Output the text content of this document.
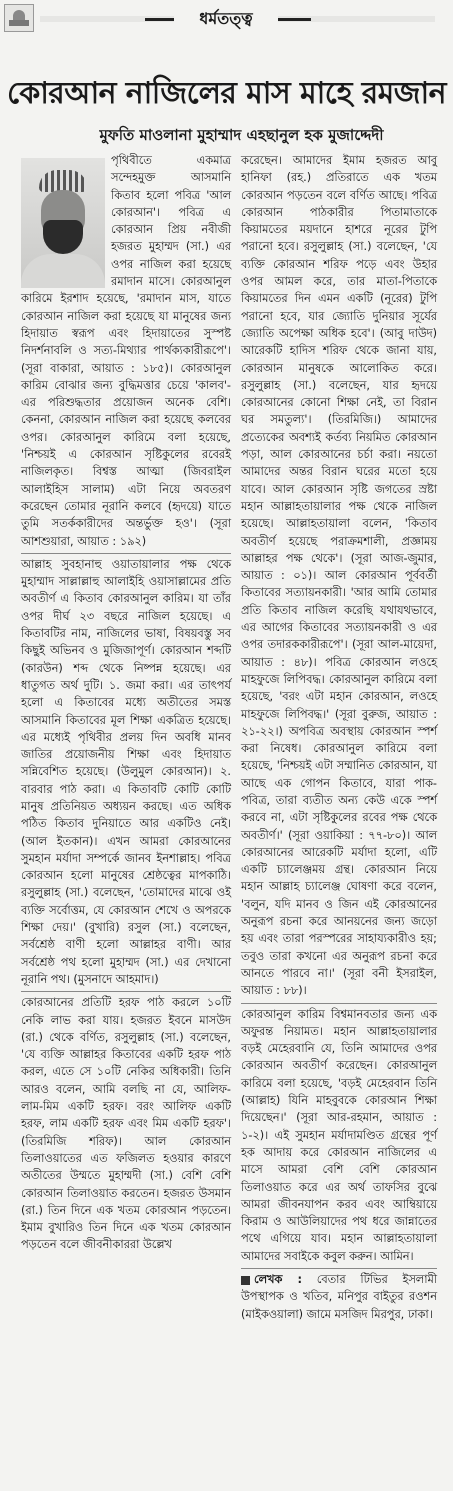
ধর্মতত্ত্ব
কোরআন নাজিলের মাস মাহে রমজান
মুফতি মাওলানা মুহাম্মাদ এহছানুল হক মুজাদ্দেদী

পৃথিবীতে একমাত্র সন্দেহমুক্ত আসমানি কিতাব হলো পবিত্র 'আল কোরআন'। পবিত্র এ কোরআন প্রিয় নবীজী হজরত মুহাম্মদ (সা.) এর ওপর নাজিল করা হয়েছে রমাদান মাসে। কোরআনুল কারিমে ইরশাদ হয়েছে, 'রমাদান মাস, যাতে কোরআন নাজিল করা হয়েছে যা মানুষের জন্য হিদায়াত স্বরূপ এবং হিদায়াতের সুস্পষ্ট নিদর্শনাবলি ও সত্য-মিথ্যার পার্থক্যকারীরূপে'। (সূরা বাকারা, আয়াত : ১৮৫)। কোরআনুল কারিম বোঝার জন্য বুদ্ধিমত্তার চেয়ে 'কালব'-এর পরিশুদ্ধতার প্রয়োজন অনেক বেশি। কেননা, কোরআন নাজিল করা হয়েছে কলবের ওপর। কোরআনুল কারিমে বলা হয়েছে, 'নিশ্চয়ই এ কোরআন সৃষ্টিকুলের রবেরই নাজিলকৃত। বিশ্বস্ত আত্মা (জিবরাইল আলাইহিস সালাম) এটা নিয়ে অবতরণ করেছেন তোমার নূরানি কলবে (হৃদয়ে) যাতে তুমি সতর্ককারীদের অন্তর্ভুক্ত হও'। (সূরা আশশুয়ারা, আয়াত : ১৯২)

আল্লাহ সুবহানাহু ওয়াতায়ালার পক্ষ থেকে মুহাম্মাদ সাল্লাল্লাহু আলাইহি ওয়াসাল্লামের প্রতি অবতীর্ণ এ কিতাব কোরআনুল কারিম। যা তাঁর ওপর দীর্ঘ ২৩ বছরে নাজিল হয়েছে। এ কিতাবটির নাম, নাজিলের ভাষা, বিষয়বস্তু সব কিছুই অভিনব ও মুজিজাপূর্ণ। কোরআন শব্দটি (কারউন) শব্দ থেকে নিষ্পন্ন হয়েছে। এর ধাতুগত অর্থ দুটি। ১. জমা করা। এর তাৎপর্য হলো এ কিতাবের মধ্যে অতীতের সমস্ত আসমানি কিতাবের মূল শিক্ষা একত্রিত হয়েছে। এর মধ্যেই পৃথিবীর প্রলয় দিন অবধি মানব জাতির প্রয়োজনীয় শিক্ষা এবং হিদায়াত সন্নিবেশিত হয়েছে। (উলুমুল কোরআন)। ২. বারবার পাঠ করা। এ কিতাবটি কোটি কোটি মানুষ প্রতিনিয়ত অধ্যয়ন করছে। এত অধিক পঠিত কিতাব দুনিয়াতে আর একটিও নেই। (আল ইতকান)। এখন আমরা কোরআনের সুমহান মর্যাদা সম্পর্কে জানব ইনশাল্লাহ। পবিত্র কোরআন হলো মানুষের শ্রেষ্ঠত্বের মাপকাঠি। রসুলুল্লাহ (সা.) বলেছেন, 'তোমাদের মাঝে ওই ব্যক্তি সর্বোত্তম, যে কোরআন শেখে ও অপরকে শিক্ষা দেয়।' (বুখারি) রসুল (সা.) বলেছেন, সর্বশ্রেষ্ঠ বাণী হলো আল্লাহর বাণী। আর সর্বশ্রেষ্ঠ পথ হলো মুহাম্মদ (সা.) এর দেখানো নূরানি পথ। (মুসনাদে আহমাদ।)

কোরআনের প্রতিটি হরফ পাঠ করলে ১০টি নেকি লাভ করা যায়। হজরত ইবনে মাসউদ (রা.) থেকে বর্ণিত, রসুলুল্লাহ (সা.) বলেছেন, 'যে ব্যক্তি আল্লাহর কিতাবের একটি হরফ পাঠ করল, এতে সে ১০টি নেকির অধিকারী। তিনি আরও বলেন, আমি বলছি না যে, আলিফ-লাম-মিম একটি হরফ। বরং আলিফ একটি হরফ, লাম একটি হরফ এবং মিম একটি হরফ'। (তিরমিজি শরিফ)। আল কোরআন তিলাওয়াতের এত ফজিলত হওয়ার কারণে অতীতের উম্মতে মুহাম্মদী (সা.) বেশি বেশি কোরআন তিলাওয়াত করতেন। হজরত উসমান (রা.) তিন দিনে এক খতম কোরআন পড়তেন। ইমাম বুখারিও তিন দিনে এক খতম কোরআন পড়তেন বলে জীবনীকাররা উল্লেখ

করেছেন। আমাদের ইমাম হজরত আবু হানিফা (রহ.) প্রতিরাতে এক খতম কোরআন পড়তেন বলে বর্ণিত আছে। পবিত্র কোরআন পাঠকারীর পিতামাতাকে কিয়ামতের ময়দানে হাশরে নূরের টুপি পরানো হবে। রসুলুল্লাহ (সা.) বলেছেন, 'যে ব্যক্তি কোরআন শরিফ পড়ে এবং উহার ওপর আমল করে, তার মাতা-পিতাকে কিয়ামতের দিন এমন একটি (নূরের) টুপি পরানো হবে, যার জ্যোতি দুনিয়ার সূর্যের জ্যোতি অপেক্ষা অধিক হবে'। (আবু দাউদ) আরেকটি হাদিস শরিফ থেকে জানা যায়, কোরআন মানুষকে আলোকিত করে। রসুলুল্লাহ (সা.) বলেছেন, যার হৃদয়ে কোরআনের কোনো শিক্ষা নেই, তা বিরান ঘর সমতুল্য'। (তিরমিজি।) আমাদের প্রত্যেকের অবশ্যই কর্তব্য নিয়মিত কোরআন পড়া, আল কোরআনের চর্চা করা। নয়তো আমাদের অন্তর বিরান ঘরের মতো হয়ে যাবে। আল কোরআন সৃষ্টি জগতের স্রষ্টা মহান আল্লাহতায়ালার পক্ষ থেকে নাজিল হয়েছে। আল্লাহতায়ালা বলেন, 'কিতাব অবতীর্ণ হয়েছে পরাক্রমশালী, প্রজ্ঞাময় আল্লাহর পক্ষ থেকে'। (সূরা আজ-জুমার, আয়াত : ০১)। আল কোরআন পূর্ববর্তী কিতাবের সত্যায়নকারী। 'আর আমি তোমার প্রতি কিতাব নাজিল করেছি যথাযথভাবে, এর আগের কিতাবের সত্যায়নকারী ও এর ওপর তদারককারীরূপে'। (সূরা আল-মায়েদা, আয়াত : ৪৮)। পবিত্র কোরআন লওহে মাহফুজে লিপিবদ্ধ। কোরআনুল কারিমে বলা হয়েছে, 'বরং এটা মহান কোরআন, লওহে মাহফুজে লিপিবদ্ধ।' (সূরা বুরুজ, আয়াত : ২১-২২।) অপবিত্র অবস্থায় কোরআন স্পর্শ করা নিষেধ। কোরআনুল কারিমে বলা হয়েছে, 'নিশ্চয়ই এটা সম্মানিত কোরআন, যা আছে এক গোপন কিতাবে, যারা পাক-পবিত্র, তারা ব্যতীত অন্য কেউ একে স্পর্শ করবে না, এটা সৃষ্টিকুলের রবের পক্ষ থেকে অবতীর্ণ।' (সূরা ওয়াকিয়া : ৭৭-৮০)। আল কোরআনের আরেকটি মর্যাদা হলো, এটি একটি চ্যালেঞ্জময় গ্রন্থ। কোরআন নিয়ে মহান আল্লাহ চ্যালেঞ্জ ঘোষণা করে বলেন, 'বলুন, যদি মানব ও জিন এই কোরআনের অনুরূপ রচনা করে আনয়নের জন্য জড়ো হয় এবং তারা পরস্পরের সাহায্যকারীও হয়; তবুও তারা কখনো এর অনুরূপ রচনা করে আনতে পারবে না।' (সূরা বনী ইসরাইল, আয়াত : ৮৮)।

কোরআনুল কারিম বিশ্বমানবতার জন্য এক অফুরন্ত নিয়ামত। মহান আল্লাহতায়ালার বড়ই মেহেরবানি যে, তিনি আমাদের ওপর কোরআন অবতীর্ণ করেছেন। কোরআনুল কারিমে বলা হয়েছে, 'বড়ই মেহেরবান তিনি (আল্লাহ) যিনি মাহবুবকে কোরআন শিক্ষা দিয়েছেন।' (সূরা আর-রহমান, আয়াত : ১-২)। এই সুমহান মর্যাদামণ্ডিত গ্রন্থের পূর্ণ হক আদায় করে কোরআন নাজিলের এ মাসে আমরা বেশি বেশি কোরআন তিলাওয়াত করে এর অর্থ তাফসির বুঝে আমরা জীবনযাপন করব এবং আম্বিয়ায়ে কিরাম ও আউলিয়াদের পথ ধরে জান্নাতের পথে এগিয়ে যাব। মহান আল্লাহতায়ালা আমাদের সবাইকে কবুল করুন। আমিন।

লেখক : বেতার টিভির ইসলামী উপস্থাপক ও খতিব, মনিপুর বাইতুর রওশন (মাইকওয়ালা) জামে মসজিদ মিরপুর, ঢাকা।
